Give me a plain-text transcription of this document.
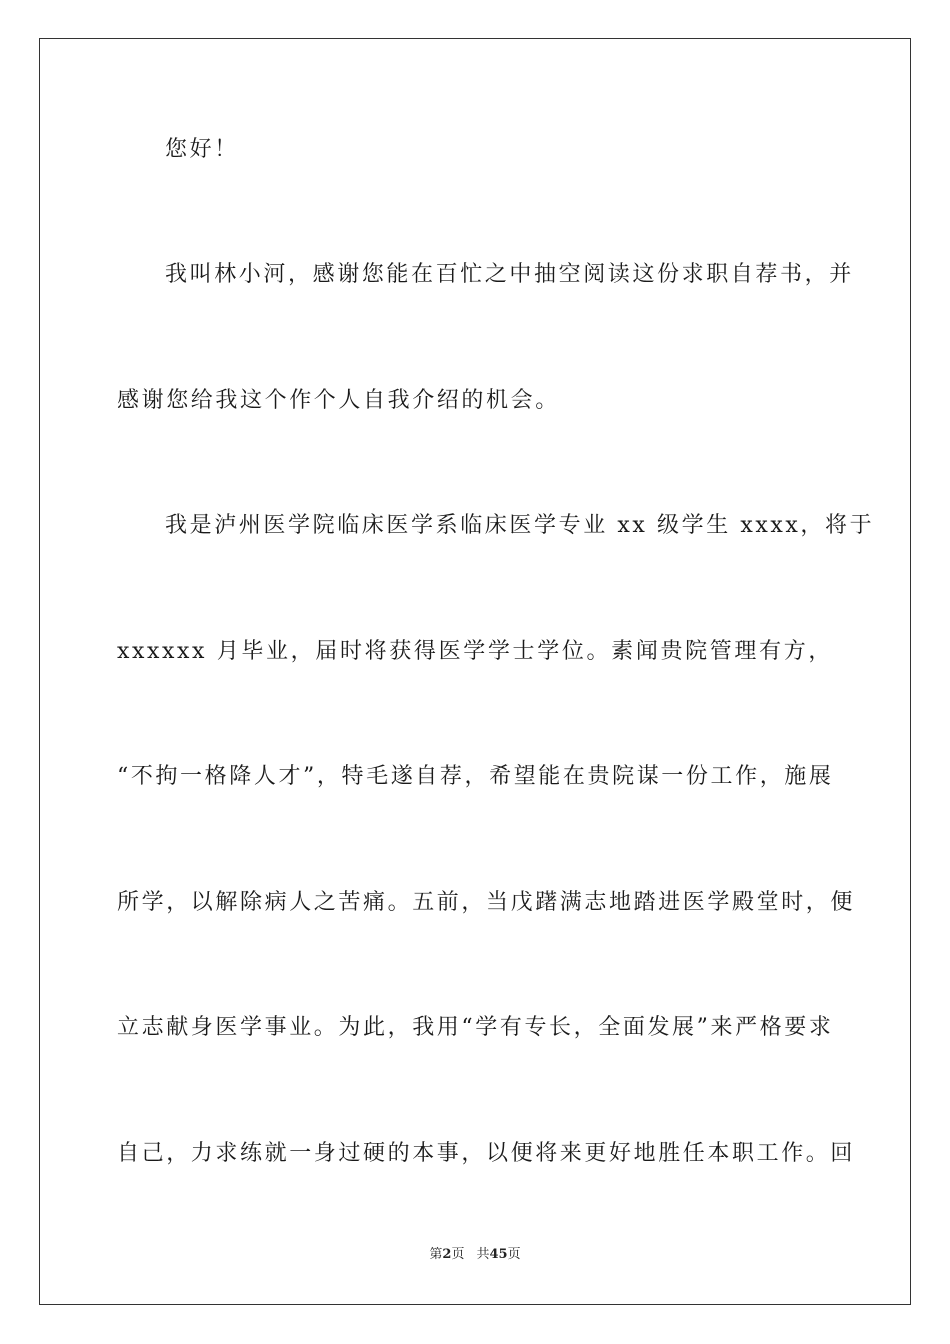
您好！
我叫林小河，感谢您能在百忙之中抽空阅读这份求职自荐书，并
感谢您给我这个作个人自我介绍的机会。
我是泸州医学院临床医学系临床医学专业 xx 级学生 xxxx，将于
xxxxxx 月毕业，届时将获得医学学士学位。素闻贵院管理有方，
“不拘一格降人才”，特毛遂自荐，希望能在贵院谋一份工作，施展
所学，以解除病人之苦痛。五前，当戊躇满志地踏进医学殿堂时，便
立志献身医学事业。为此，我用“学有专长，全面发展”来严格要求
自己，力求练就一身过硬的本事，以便将来更好地胜任本职工作。回
第2页 共45页
